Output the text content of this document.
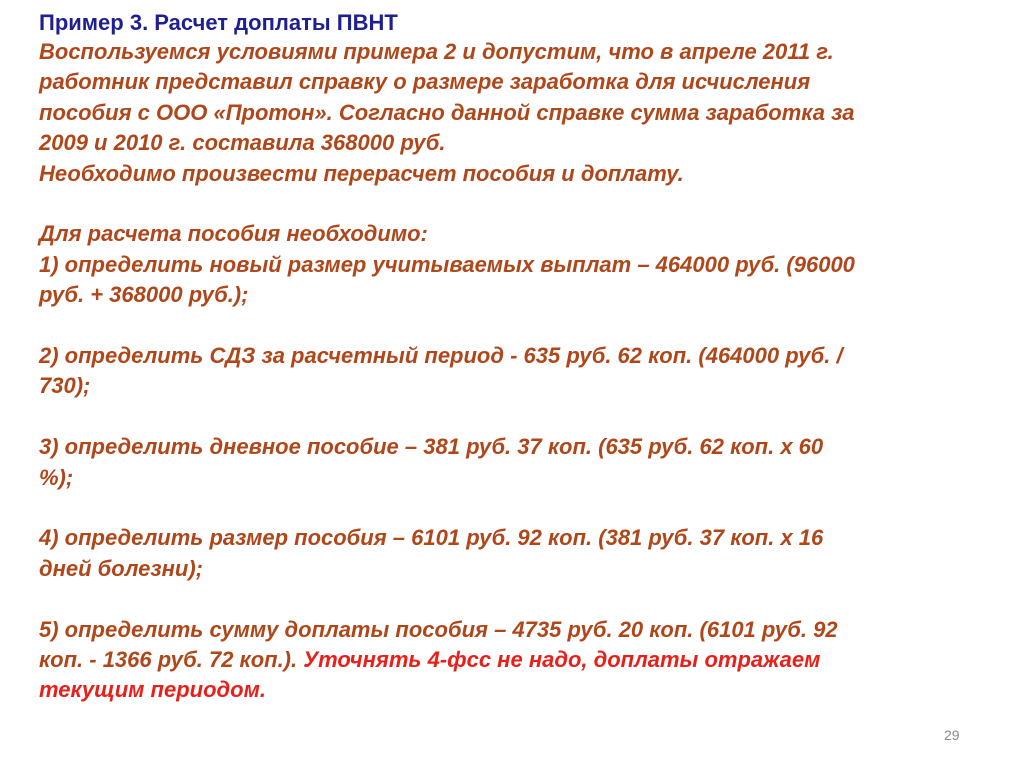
Пример 3. Расчет доплаты ПВНТ

Воспользуемся условиями примера 2 и допустим, что в апреле 2011 г.

работник представил справку о размере заработка для исчисления

пособия с ООО «Протон». Согласно данной справке сумма заработка за

2009 и 2010 г. составила 368000 руб.

Необходимо произвести перерасчет пособия и доплату.

Для расчета пособия необходимо:

1) определить новый размер учитываемых выплат – 464000 руб. (96000

руб. + 368000 руб.);

2) определить СДЗ за расчетный период - 635 руб. 62 коп. (464000 руб. /

730);

3) определить дневное пособие – 381 руб. 37 коп. (635 руб. 62 коп. х 60

%);

4) определить размер пособия – 6101 руб. 92 коп. (381 руб. 37 коп. х 16

дней болезни);

5) определить сумму доплаты пособия – 4735 руб. 20 коп. (6101 руб. 92

коп. - 1366 руб. 72 коп.). Уточнять 4-фсс не надо, доплаты отражаем

текущим периодом.

29
